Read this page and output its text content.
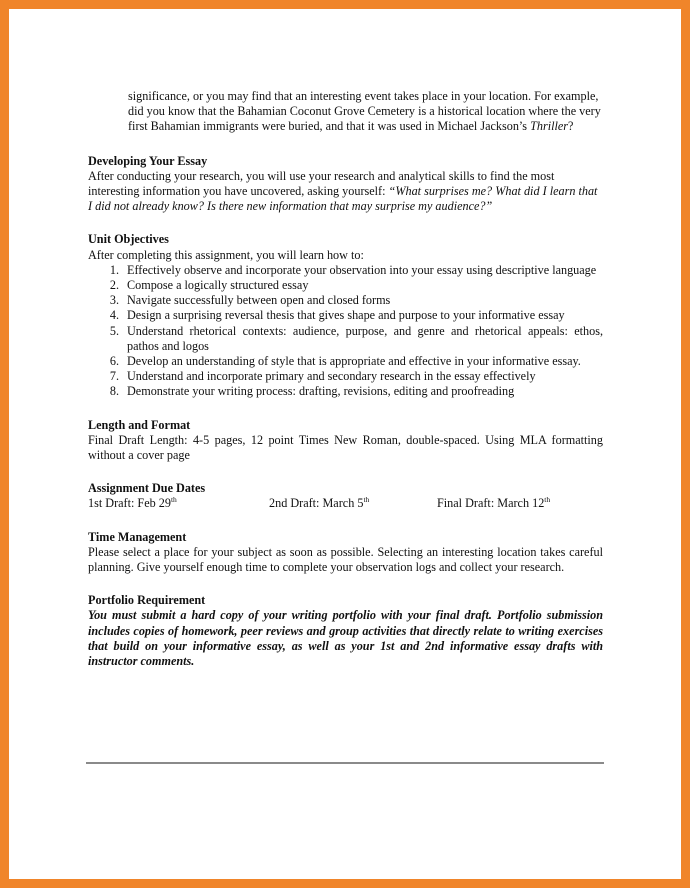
significance, or you may find that an interesting event takes place in your location. For example, did you know that the Bahamian Coconut Grove Cemetery is a historical location where the very first Bahamian immigrants were buried, and that it was used in Michael Jackson’s Thriller?

Developing Your Essay

After conducting your research, you will use your research and analytical skills to find the most interesting information you have uncovered, asking yourself: “What surprises me? What did I learn that I did not already know? Is there new information that may surprise my audience?”

Unit Objectives

After completing this assignment, you will learn how to:

1. Effectively observe and incorporate your observation into your essay using descriptive language
2. Compose a logically structured essay
3. Navigate successfully between open and closed forms
4. Design a surprising reversal thesis that gives shape and purpose to your informative essay
5. Understand rhetorical contexts: audience, purpose, and genre and rhetorical appeals: ethos, pathos and logos
6. Develop an understanding of style that is appropriate and effective in your informative essay.
7. Understand and incorporate primary and secondary research in the essay effectively
8. Demonstrate your writing process: drafting, revisions, editing and proofreading
Length and Format

Final Draft Length: 4-5 pages, 12 point Times New Roman, double-spaced. Using MLA formatting without a cover page

Assignment Due Dates
1st Draft: Feb 29th	2nd Draft: March 5th	Final Draft: March 12th
Time Management

Please select a place for your subject as soon as possible. Selecting an interesting location takes careful planning. Give yourself enough time to complete your observation logs and collect your research.

Portfolio Requirement

You must submit a hard copy of your writing portfolio with your final draft. Portfolio submission includes copies of homework, peer reviews and group activities that directly relate to writing exercises that build on your informative essay, as well as your 1st and 2nd informative essay drafts with instructor comments.
